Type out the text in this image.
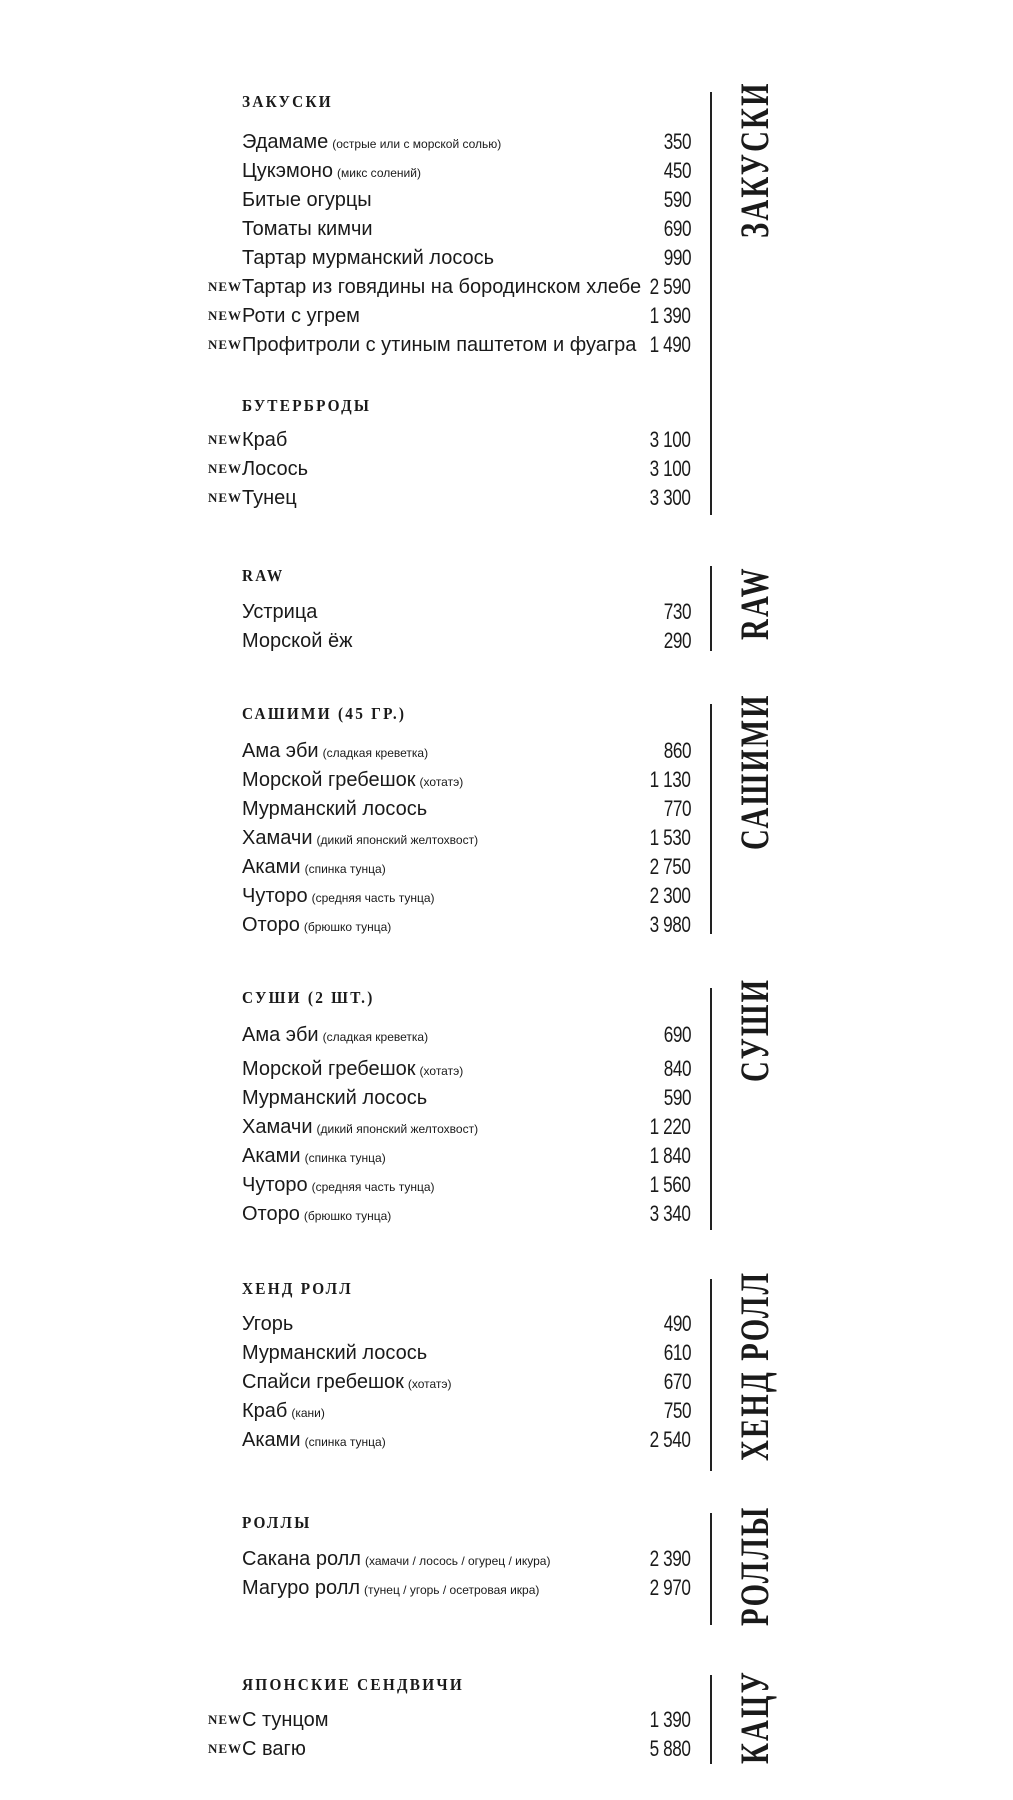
ЗАКУСКИ
БУТЕРБРОДЫ
RAW
САШИМИ (45 ГР.)
СУШИ (2 ШТ.)
ХЕНД РОЛЛ
РОЛЛЫ
ЯПОНСКИЕ СЕНДВИЧИ
Эдамаме (острые или с морской солью)	350
Цукэмоно (микс солений)	450
Битые огурцы	590
Томаты кимчи	690
Тартар мурманский лосось	990
NEW Тартар из говядины на бородинском хлебе 2 590
NEW Роти с угрем	1 390
NEW Профитроли с утиным паштетом и фуагра 1 490
NEW Краб	3 100
NEW Лосось	3 100
NEW Тунец	3 300
Устрица	730
Морской ёж	290
Ама эби (сладкая креветка)	860
Морской гребешок (хотатэ)	1 130
Мурманский лосось	770
Хамачи (дикий японский желтохвост)	1 530
Аками (спинка тунца)	2 750
Чуторо (средняя часть тунца)	2 300
Оторо (брюшко тунца)	3 980
Ама эби (сладкая креветка)	690
Морской гребешок (хотатэ)	840
Мурманский лосось	590
Хамачи (дикий японский желтохвост)	1 220
Аками (спинка тунца)	1 840
Чуторо (средняя часть тунца)	1 560
Оторо (брюшко тунца)	3 340
Угорь	490
Мурманский лосось	610
Спайси гребешок (хотатэ)	670
Краб (кани)	750
Аками (спинка тунца)	2 540
Сакана ролл (хамачи / лосось / огурец / икура)	2 390
Магуро ролл (тунец / угорь / осетровая икра)	2 970
NEW С тунцом	1 390
NEW С вагю	5 880
ЗАКУСКИ
RAW
САШИМИ
СУШИ
ХЕНД РОЛЛ
РОЛЛЫ
КАЦУ
